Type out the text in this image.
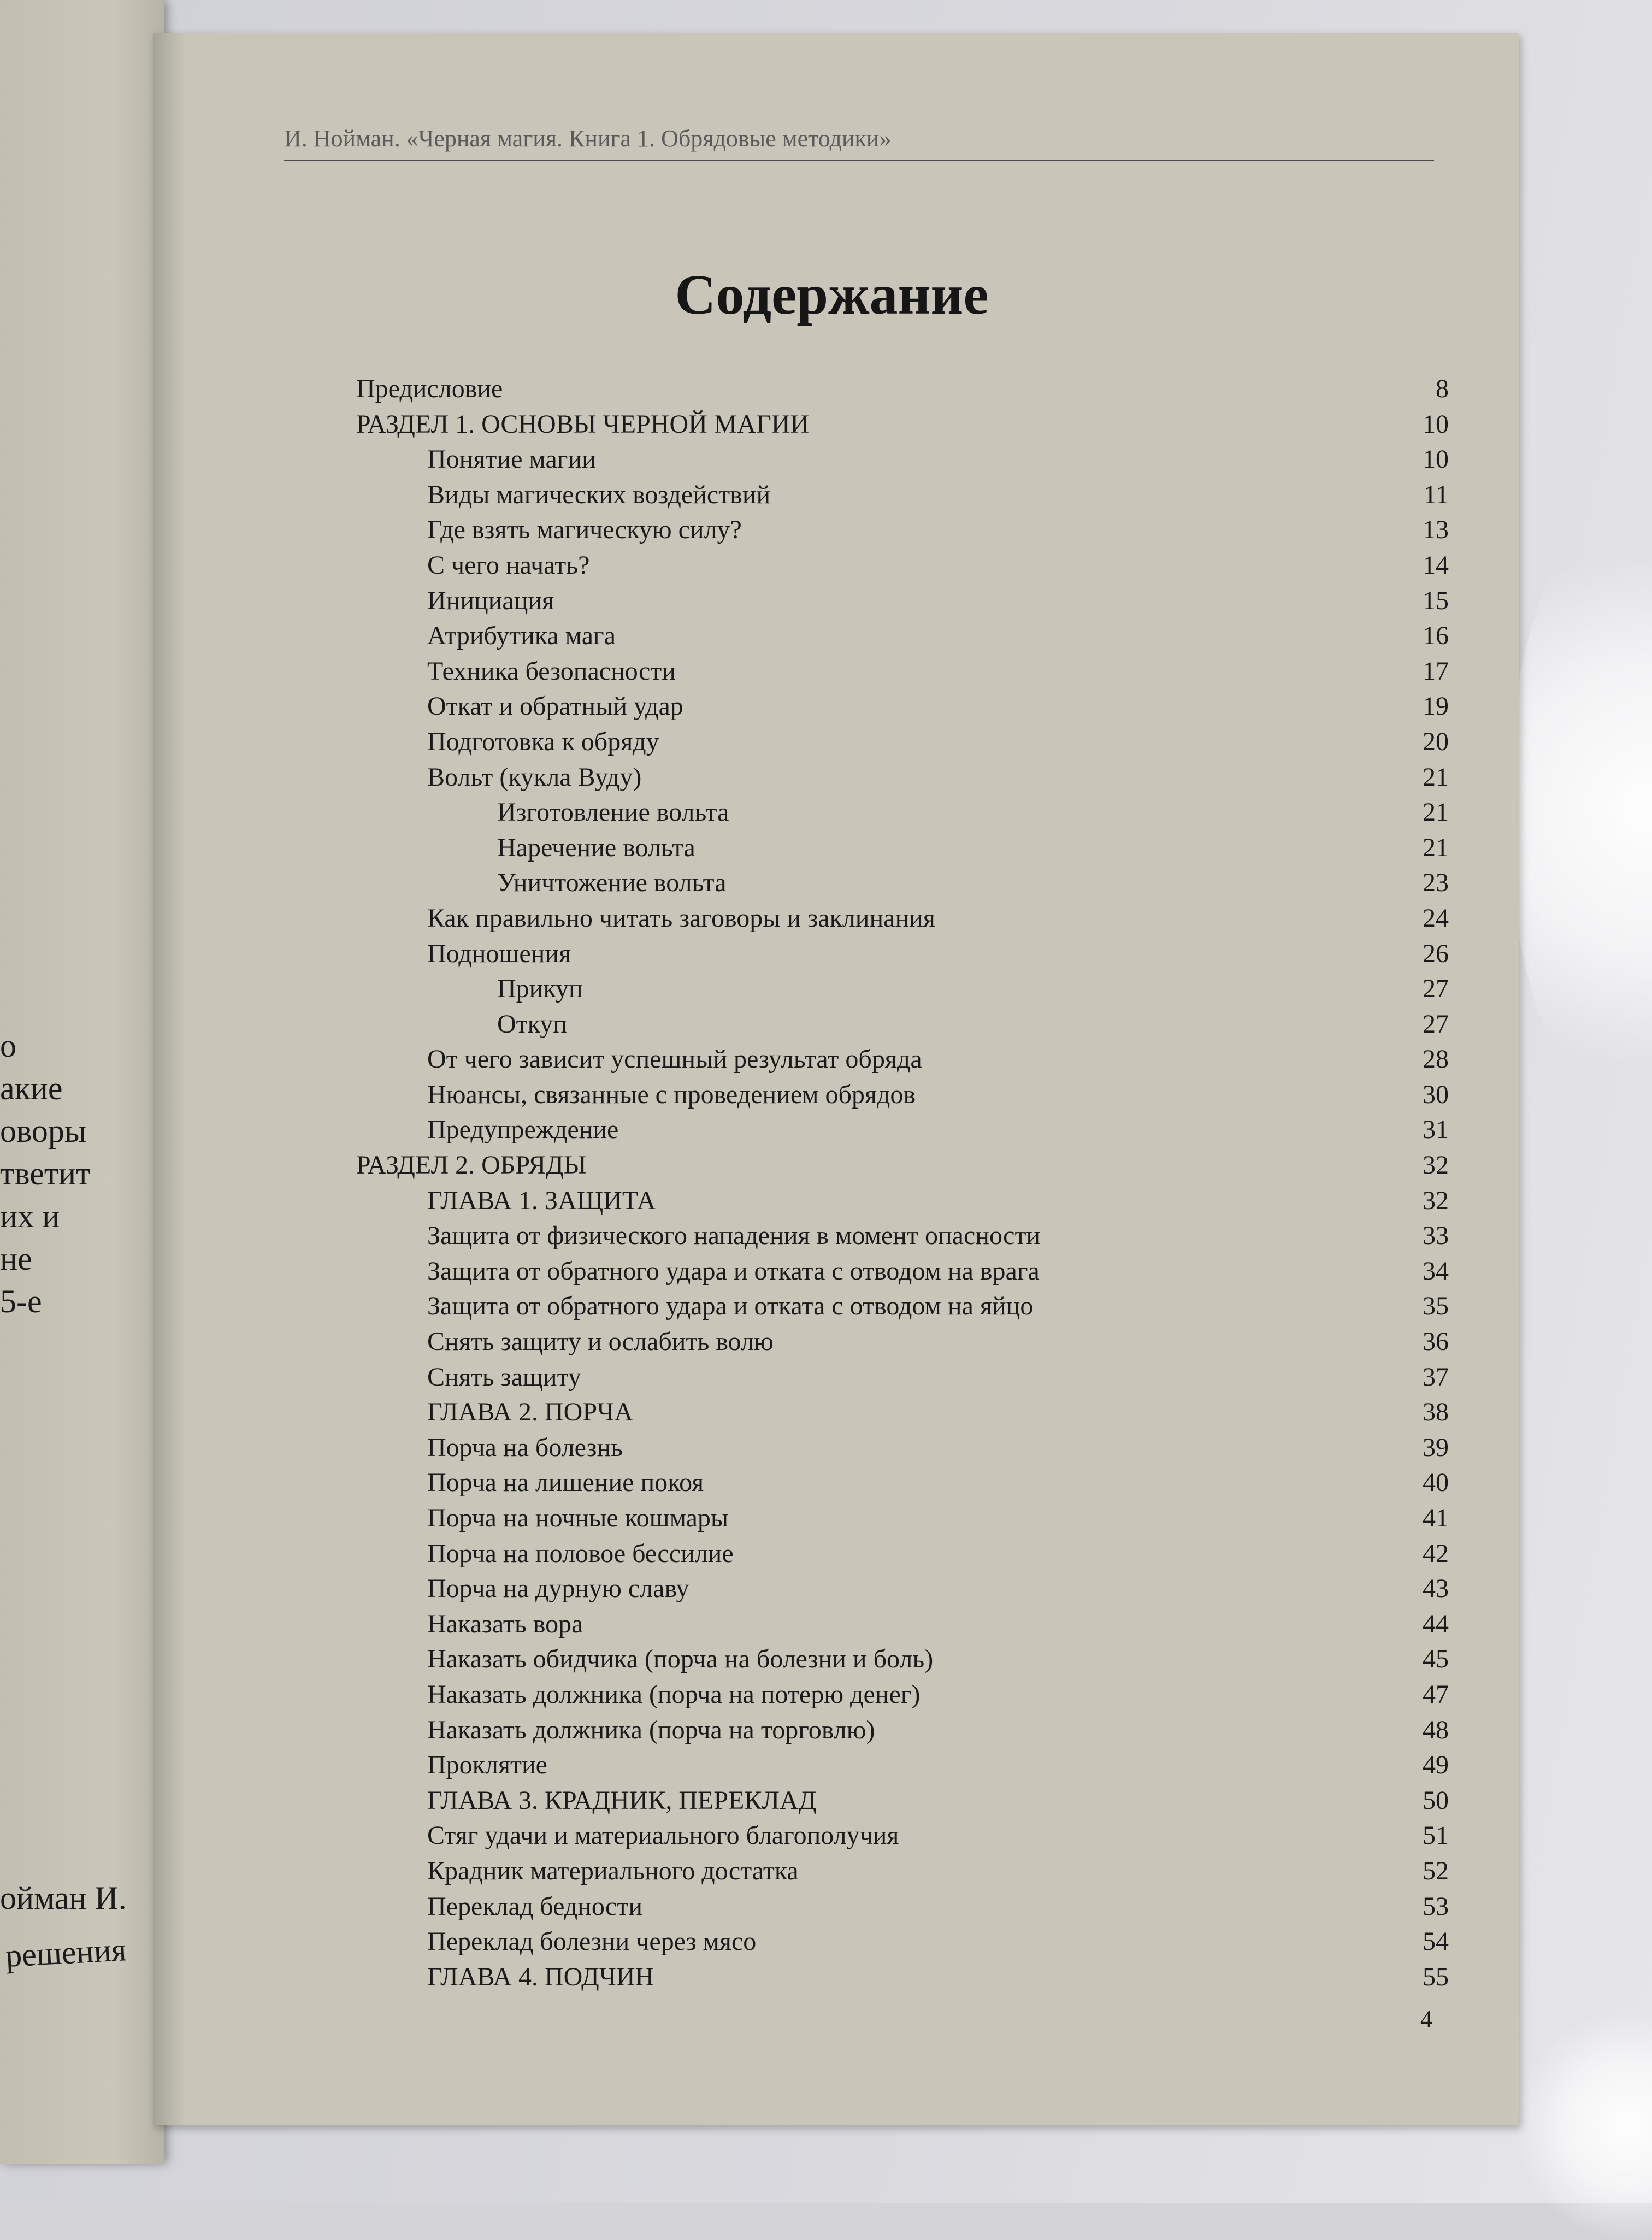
о
акие
оворы
тветит
их и
не
5-е
ойман И.
решения
И. Нойман. «Черная магия. Книга 1. Обрядовые методики»
Содержание
Предисловие	8
РАЗДЕЛ 1. ОСНОВЫ ЧЕРНОЙ МАГИИ	10
Понятие магии	10
Виды магических воздействий	11
Где взять магическую силу?	13
С чего начать?	14
Инициация	15
Атрибутика мага	16
Техника безопасности	17
Откат и обратный удар	19
Подготовка к обряду	20
Вольт (кукла Вуду)	21
Изготовление вольта	21
Наречение вольта	21
Уничтожение вольта	23
Как правильно читать заговоры и заклинания	24
Подношения	26
Прикуп	27
Откуп	27
От чего зависит успешный результат обряда	28
Нюансы, связанные с проведением обрядов	30
Предупреждение	31
РАЗДЕЛ 2. ОБРЯДЫ	32
ГЛАВА 1. ЗАЩИТА	32
Защита от физического нападения в момент опасности	33
Защита от обратного удара и отката с отводом на врага	34
Защита от обратного удара и отката с отводом на яйцо	35
Снять защиту и ослабить волю	36
Снять защиту	37
ГЛАВА 2. ПОРЧА	38
Порча на болезнь	39
Порча на лишение покоя	40
Порча на ночные кошмары	41
Порча на половое бессилие	42
Порча на дурную славу	43
Наказать вора	44
Наказать обидчика (порча на болезни и боль)	45
Наказать должника (порча на потерю денег)	47
Наказать должника (порча на торговлю)	48
Проклятие	49
ГЛАВА 3. КРАДНИК, ПЕРЕКЛАД	50
Стяг удачи и материального благополучия	51
Крадник материального достатка	52
Переклад бедности	53
Переклад болезни через мясо	54
ГЛАВА 4. ПОДЧИН	55
4
